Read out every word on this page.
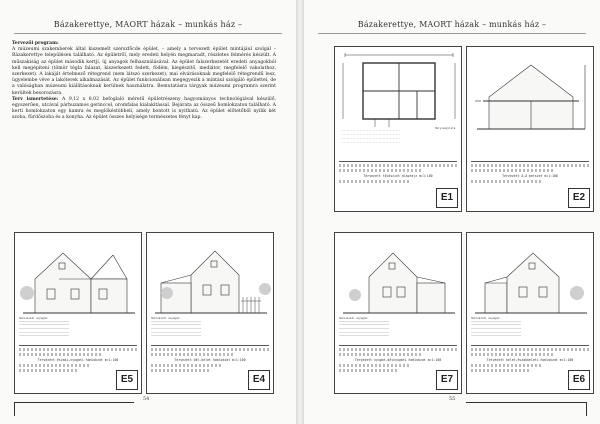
Bázakerettye, MAORT házak – munkás ház –
Tervezői program:
A múzeumi szakemberek által kiszemelt szerszfőcde épület, – amely a tervezett épület mintájául szolgál – Bázakerettye településen található. Az épületről, mely eredeti helyén megmaradt, részletes felmérés készült. A műszakiság az épület második kertjí, új anyagok felhasználásával. Az épület falszerkezetét eredeti anyagokból kell megépíteni (tömör tégla falazat, kiszerkezett fedett, födém, kiegészítő, mediátor, megfelelő vakolathoz, szerkezet). A lakáját értelmező rétegrend (nem látszó szerkezet), mai elvárásoknak megfelelő rétegrendű lesz, ügyelembe véve a lakóterek alkalmazását. Az épület funkcionálisan megegyezik a mintául szolgáló épülettel, de a valóságban múzeumi kiállításoknak kerülnek használatra. Bemutatásra tárgyak múzeumi programra szerint kerültek besorozásra.
Terv ismertetése: A 9,12 x 8,02 befoglaló méretű épületrészeny hagyományos technológiával készülő, egyszerűen, utcával párhuzamos gerinccel, oromfalas kialakítással. Bejárata az összeű homlokzaton található. A kerti homlokzaton egy kamra és meglökéstöbbeli, amely bontott is nyithatú. Az épület előtetőből nyílik két szoba, fürdőszoba és a konyha. Az épület összes helyisége természetes fényt kap.
Homlokzati anyagok:
Tervezett északi-nyugati homlokzat m=1:100
E5
Homlokzati anyagok:
Tervezett dél-kelet homlokzat m=1:100
E4
54
Bázakerettye, MAORT házak – munkás ház –
.........................................
.........................................
.........................................
.........................................
Helyiséglista
Tervezett földszint alaprajz m=1:100
E1
Tervezett A-A metszet m=1:100
E2
Homlokzati anyagok:
Tervezett nyugat-délnyugati homlokzat m=1:100
E7
Homlokzati anyagok:
Tervezett kelet-északkeleti homlokzat m=1:100
E6
55
